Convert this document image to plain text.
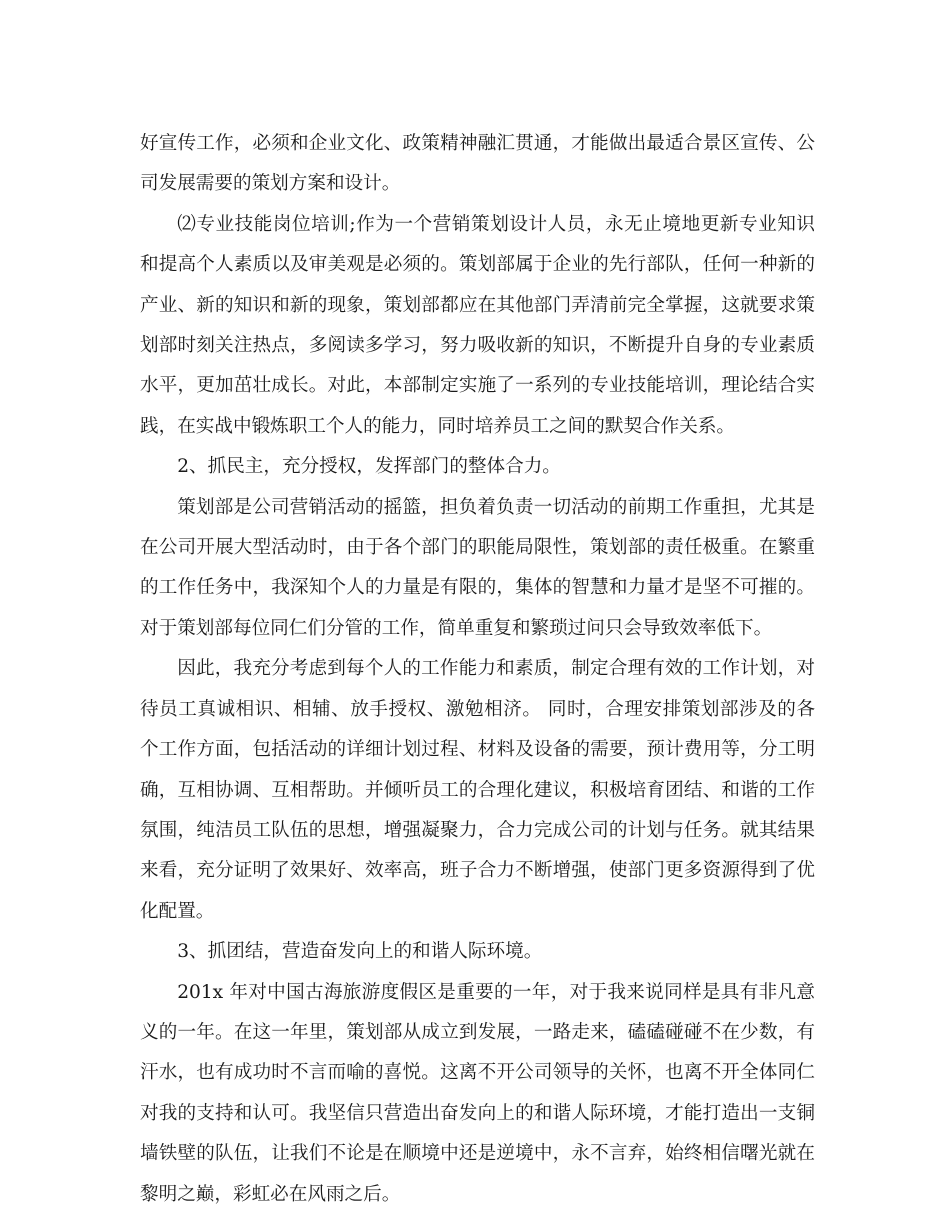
好宣传工作，必须和企业文化、政策精神融汇贯通，才能做出最适合景区宣传、公司发展需要的策划方案和设计。

⑵专业技能岗位培训;作为一个营销策划设计人员，永无止境地更新专业知识和提高个人素质以及审美观是必须的。策划部属于企业的先行部队，任何一种新的产业、新的知识和新的现象，策划部都应在其他部门弄清前完全掌握，这就要求策划部时刻关注热点，多阅读多学习，努力吸收新的知识，不断提升自身的专业素质水平，更加茁壮成长。对此，本部制定实施了一系列的专业技能培训，理论结合实践，在实战中锻炼职工个人的能力，同时培养员工之间的默契合作关系。

2、抓民主，充分授权，发挥部门的整体合力。

策划部是公司营销活动的摇篮，担负着负责一切活动的前期工作重担，尤其是在公司开展大型活动时，由于各个部门的职能局限性，策划部的责任极重。在繁重的工作任务中，我深知个人的力量是有限的，集体的智慧和力量才是坚不可摧的。对于策划部每位同仁们分管的工作，简单重复和繁琐过问只会导致效率低下。

因此，我充分考虑到每个人的工作能力和素质，制定合理有效的工作计划，对待员工真诚相识、相辅、放手授权、激勉相济。 同时，合理安排策划部涉及的各个工作方面，包括活动的详细计划过程、材料及设备的需要，预计费用等，分工明确，互相协调、互相帮助。并倾听员工的合理化建议，积极培育团结、和谐的工作氛围，纯洁员工队伍的思想，增强凝聚力，合力完成公司的计划与任务。就其结果来看，充分证明了效果好、效率高，班子合力不断增强，使部门更多资源得到了优化配置。

3、抓团结，营造奋发向上的和谐人际环境。

201x 年对中国古海旅游度假区是重要的一年，对于我来说同样是具有非凡意义的一年。在这一年里，策划部从成立到发展，一路走来，磕磕碰碰不在少数，有汗水，也有成功时不言而喻的喜悦。这离不开公司领导的关怀，也离不开全体同仁对我的支持和认可。我坚信只营造出奋发向上的和谐人际环境，才能打造出一支铜墙铁壁的队伍，让我们不论是在顺境中还是逆境中，永不言弃，始终相信曙光就在黎明之巅，彩虹必在风雨之后。
